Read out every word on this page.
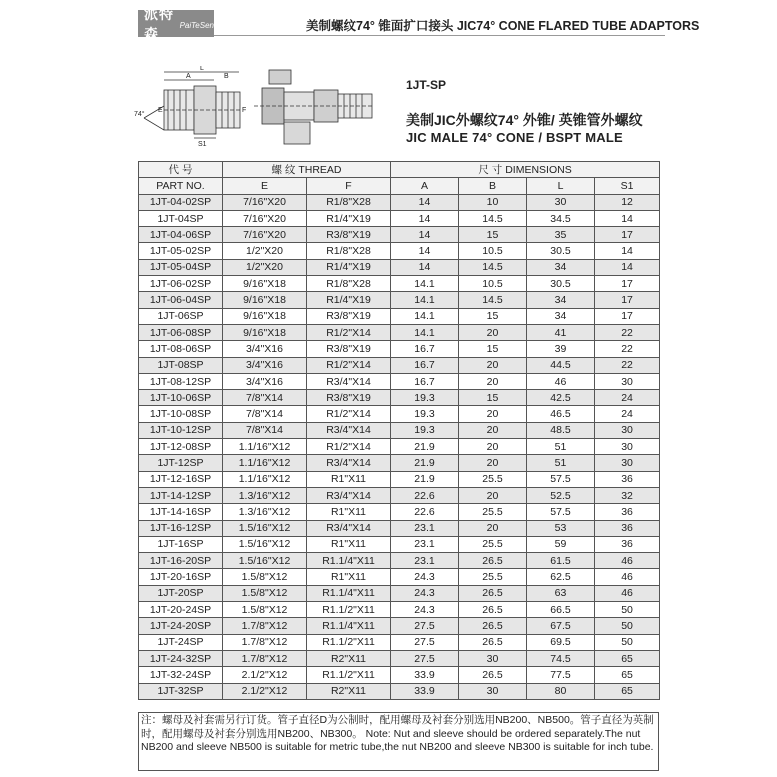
派特森	PaiTeSen	美制螺纹74° 锥面扩口接头 JIC74° CONE FLARED TUBE ADAPTORS
74°
L
A	B
E
S1
F
1JT-SP
美制JIC外螺纹74° 外锥/ 英锥管外螺纹
JIC MALE 74° CONE / BSPT MALE
代 号	螺 纹 THREAD		尺 寸 DIMENSIONS			
PART NO.	E	F	A	B	L	S1
1JT-04-02SP	7/16"X20	R1/8"X28	14	10	30	12
1JT-04SP	7/16"X20	R1/4"X19	14	14.5	34.5	14
1JT-04-06SP	7/16"X20	R3/8"X19	14	15	35	17
1JT-05-02SP	1/2"X20	R1/8"X28	14	10.5	30.5	14
1JT-05-04SP	1/2"X20	R1/4"X19	14	14.5	34	14
1JT-06-02SP	9/16"X18	R1/8"X28	14.1	10.5	30.5	17
1JT-06-04SP	9/16"X18	R1/4"X19	14.1	14.5	34	17
1JT-06SP	9/16"X18	R3/8"X19	14.1	15	34	17
1JT-06-08SP	9/16"X18	R1/2"X14	14.1	20	41	22
1JT-08-06SP	3/4"X16	R3/8"X19	16.7	15	39	22
1JT-08SP	3/4"X16	R1/2"X14	16.7	20	44.5	22
1JT-08-12SP	3/4"X16	R3/4"X14	16.7	20	46	30
1JT-10-06SP	7/8"X14	R3/8"X19	19.3	15	42.5	24
1JT-10-08SP	7/8"X14	R1/2"X14	19.3	20	46.5	24
1JT-10-12SP	7/8"X14	R3/4"X14	19.3	20	48.5	30
1JT-12-08SP	1.1/16"X12	R1/2"X14	21.9	20	51	30
1JT-12SP	1.1/16"X12	R3/4"X14	21.9	20	51	30
1JT-12-16SP	1.1/16"X12	R1"X11	21.9	25.5	57.5	36
1JT-14-12SP	1.3/16"X12	R3/4"X14	22.6	20	52.5	32
1JT-14-16SP	1.3/16"X12	R1"X11	22.6	25.5	57.5	36
1JT-16-12SP	1.5/16"X12	R3/4"X14	23.1	20	53	36
1JT-16SP	1.5/16"X12	R1"X11	23.1	25.5	59	36
1JT-16-20SP	1.5/16"X12	R1.1/4"X11	23.1	26.5	61.5	46
1JT-20-16SP	1.5/8"X12	R1"X11	24.3	25.5	62.5	46
1JT-20SP	1.5/8"X12	R1.1/4"X11	24.3	26.5	63	46
1JT-20-24SP	1.5/8"X12	R1.1/2"X11	24.3	26.5	66.5	50
1JT-24-20SP	1.7/8"X12	R1.1/4"X11	27.5	26.5	67.5	50
1JT-24SP	1.7/8"X12	R1.1/2"X11	27.5	26.5	69.5	50
1JT-24-32SP	1.7/8"X12	R2"X11	27.5	30	74.5	65
1JT-32-24SP	2.1/2"X12	R1.1/2"X11	33.9	26.5	77.5	65
1JT-32SP	2.1/2"X12	R2"X11	33.9	30	80	65
注：螺母及衬套需另行订货。管子直径D为公制时，配用螺母及衬套分别选用NB200、NB500。管子直径为英制时，配用螺母及衬套分别选用NB200、NB300。 Note: Nut and sleeve should be ordered separately.The nut NB200 and sleeve NB500 is suitable for metric tube,the nut NB200 and sleeve NB300 is suitable for inch tube.
